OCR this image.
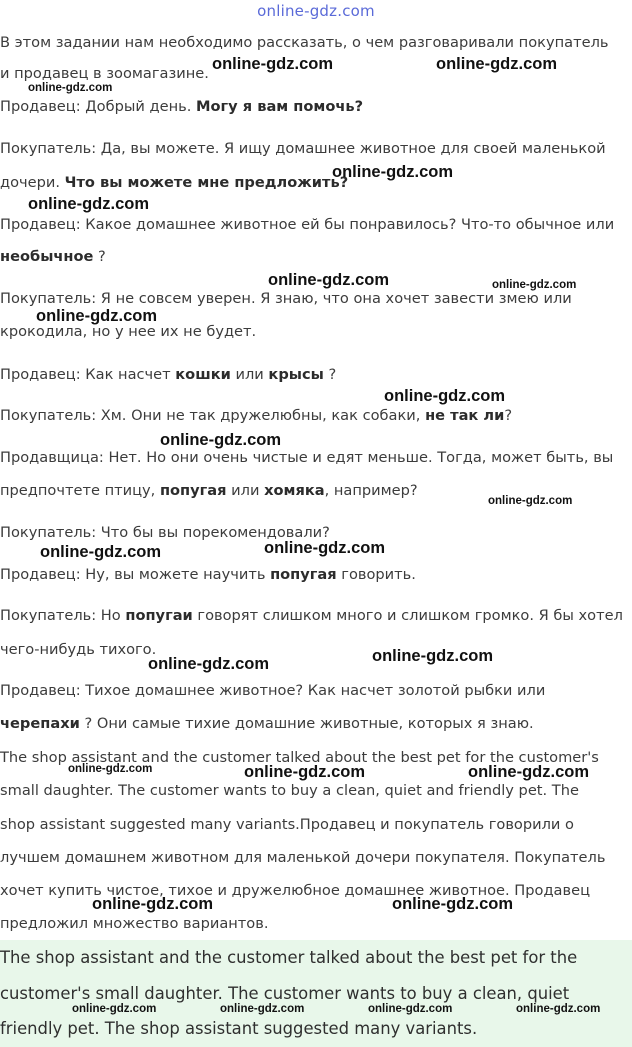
online-gdz.com
В этом задании нам необходимо рассказать, о чем разговаривали покупатель
и продавец в зоомагазине.
Продавец: Добрый день. Могу я вам помочь?
Покупатель: Да, вы можете. Я ищу домашнее животное для своей маленькой
дочери. Что вы можете мне предложить?
Продавец: Какое домашнее животное ей бы понравилось? Что-то обычное или
необычное ?
Покупатель: Я не совсем уверен. Я знаю, что она хочет завести змею или
крокодила, но у нее их не будет.
Продавец: Как насчет кошки или крысы ?
Покупатель: Хм. Они не так дружелюбны, как собаки, не так ли?
Продавщица: Нет. Но они очень чистые и едят меньше. Тогда, может быть, вы
предпочтете птицу, попугая или хомяка, например?
Покупатель: Что бы вы порекомендовали?
Продавец: Ну, вы можете научить попугая говорить.
Покупатель: Но попугаи говорят слишком много и слишком громко. Я бы хотел
чего-нибудь тихого.
Продавец: Тихое домашнее животное? Как насчет золотой рыбки или
черепахи ? Они самые тихие домашние животные, которых я знаю.
The shop assistant and the customer talked about the best pet for the customer's
small daughter. The customer wants to buy a clean, quiet and friendly pet. The
shop assistant suggested many variants.Продавец и покупатель говорили о
лучшем домашнем животном для маленькой дочери покупателя. Покупатель
хочет купить чистое, тихое и дружелюбное домашнее животное. Продавец
предложил множество вариантов.
The shop assistant and the customer talked about the best pet for the
customer's small daughter. The customer wants to buy a clean, quiet
friendly pet. The shop assistant suggested many variants.
online-gdz.com
online-gdz.com	online-gdz.com
online-gdz.com
online-gdz.com
online-gdz.com	online-gdz.com
online-gdz.com
online-gdz.com
online-gdz.com
online-gdz.com
online-gdz.com
online-gdz.com
online-gdz.com
online-gdz.com
online-gdz.com	online-gdz.com	online-gdz.com
online-gdz.com	online-gdz.com
online-gdz.com	online-gdz.com	online-gdz.com	online-gdz.com
